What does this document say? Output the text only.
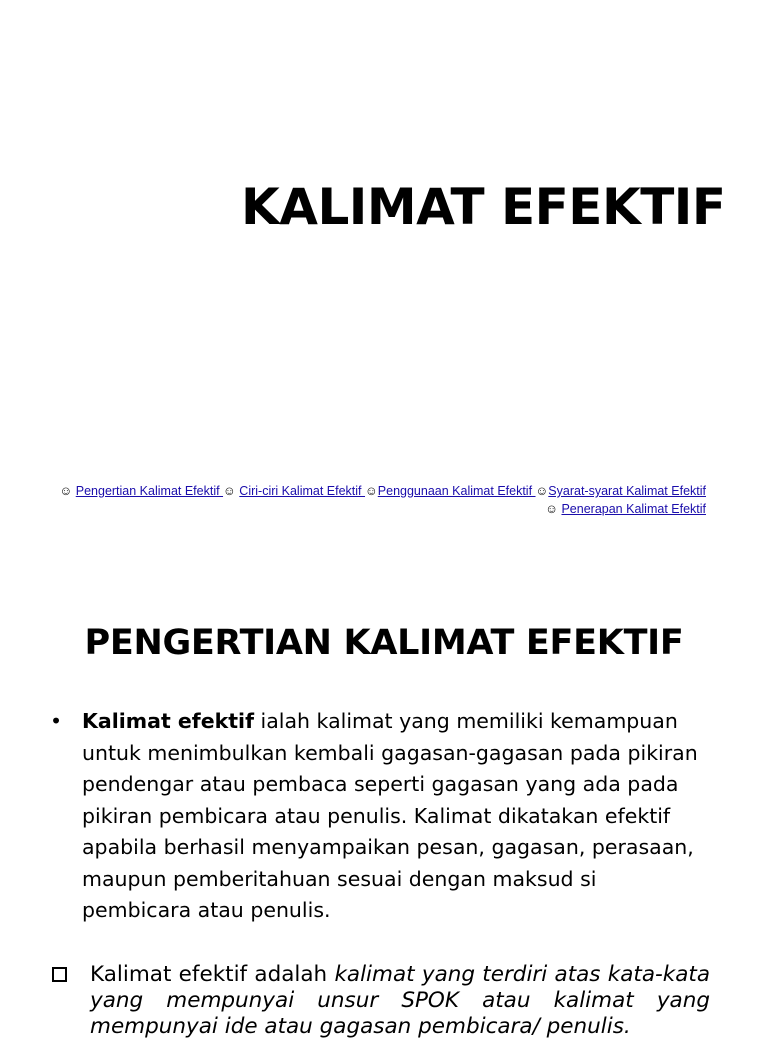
KALIMAT EFEKTIF
☺ Pengertian Kalimat Efektif ☺ Ciri-ciri Kalimat Efektif ☺Penggunaan Kalimat Efektif ☺Syarat-syarat Kalimat Efektif
☺ Penerapan Kalimat Efektif
PENGERTIAN KALIMAT EFEKTIF
• Kalimat efektif ialah kalimat yang memiliki kemampuan untuk menimbulkan kembali gagasan-gagasan pada pikiran pendengar atau pembaca seperti gagasan yang ada pada pikiran pembicara atau penulis. Kalimat dikatakan efektif apabila berhasil menyampaikan pesan, gagasan, perasaan, maupun pemberitahuan sesuai dengan maksud si pembicara atau penulis.
Kalimat efektif adalah kalimat yang terdiri atas kata-kata yang mempunyai unsur SPOK atau kalimat yang mempunyai ide atau gagasan pembicara/ penulis.
